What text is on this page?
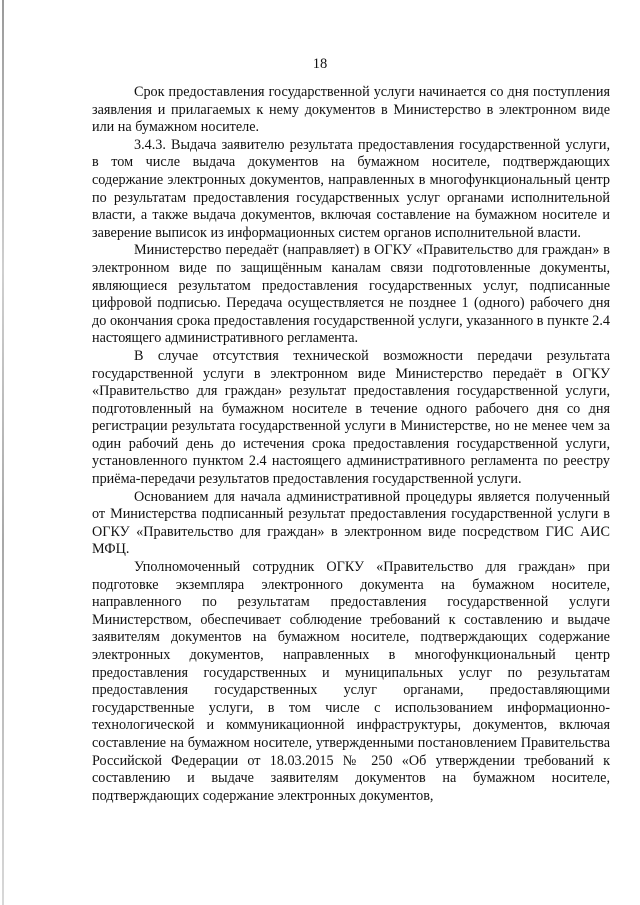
18

Срок предоставления государственной услуги начинается со дня поступления заявления и прилагаемых к нему документов в Министерство в электронном виде или на бумажном носителе.

3.4.3. Выдача заявителю результата предоставления государственной услуги, в том числе выдача документов на бумажном носителе, подтверждающих содержание электронных документов, направленных в многофункциональный центр по результатам предоставления государственных услуг органами исполнительной власти, а также выдача документов, включая составление на бумажном носителе и заверение выписок из информационных систем органов исполнительной власти.

Министерство передаёт (направляет) в ОГКУ «Правительство для граждан» в электронном виде по защищённым каналам связи подготовленные документы, являющиеся результатом предоставления государственных услуг, подписанные цифровой подписью. Передача осуществляется не позднее 1 (одного) рабочего дня до окончания срока предоставления государственной услуги, указанного в пункте 2.4 настоящего административного регламента.

В случае отсутствия технической возможности передачи результата государственной услуги в электронном виде Министерство передаёт в ОГКУ «Правительство для граждан» результат предоставления государственной услуги, подготовленный на бумажном носителе в течение одного рабочего дня со дня регистрации результата государственной услуги в Министерстве, но не менее чем за один рабочий день до истечения срока предоставления государственной услуги, установленного пунктом 2.4 настоящего административного регламента по реестру приёма-передачи результатов предоставления государственной услуги.

Основанием для начала административной процедуры является полученный от Министерства подписанный результат предоставления государственной услуги в ОГКУ «Правительство для граждан» в электронном виде посредством ГИС АИС МФЦ.

Уполномоченный сотрудник ОГКУ «Правительство для граждан» при подготовке экземпляра электронного документа на бумажном носителе, направленного по результатам предоставления государственной услуги Министерством, обеспечивает соблюдение требований к составлению и выдаче заявителям документов на бумажном носителе, подтверждающих содержание электронных документов, направленных в многофункциональный центр предоставления государственных и муниципальных услуг по результатам предоставления государственных услуг органами, предоставляющими государственные услуги, в том числе с использованием информационно-технологической и коммуникационной инфраструктуры, документов, включая составление на бумажном носителе, утвержденными постановлением Правительства Российской Федерации от 18.03.2015 № 250 «Об утверждении требований к составлению и выдаче заявителям документов на бумажном носителе, подтверждающих содержание электронных документов,
